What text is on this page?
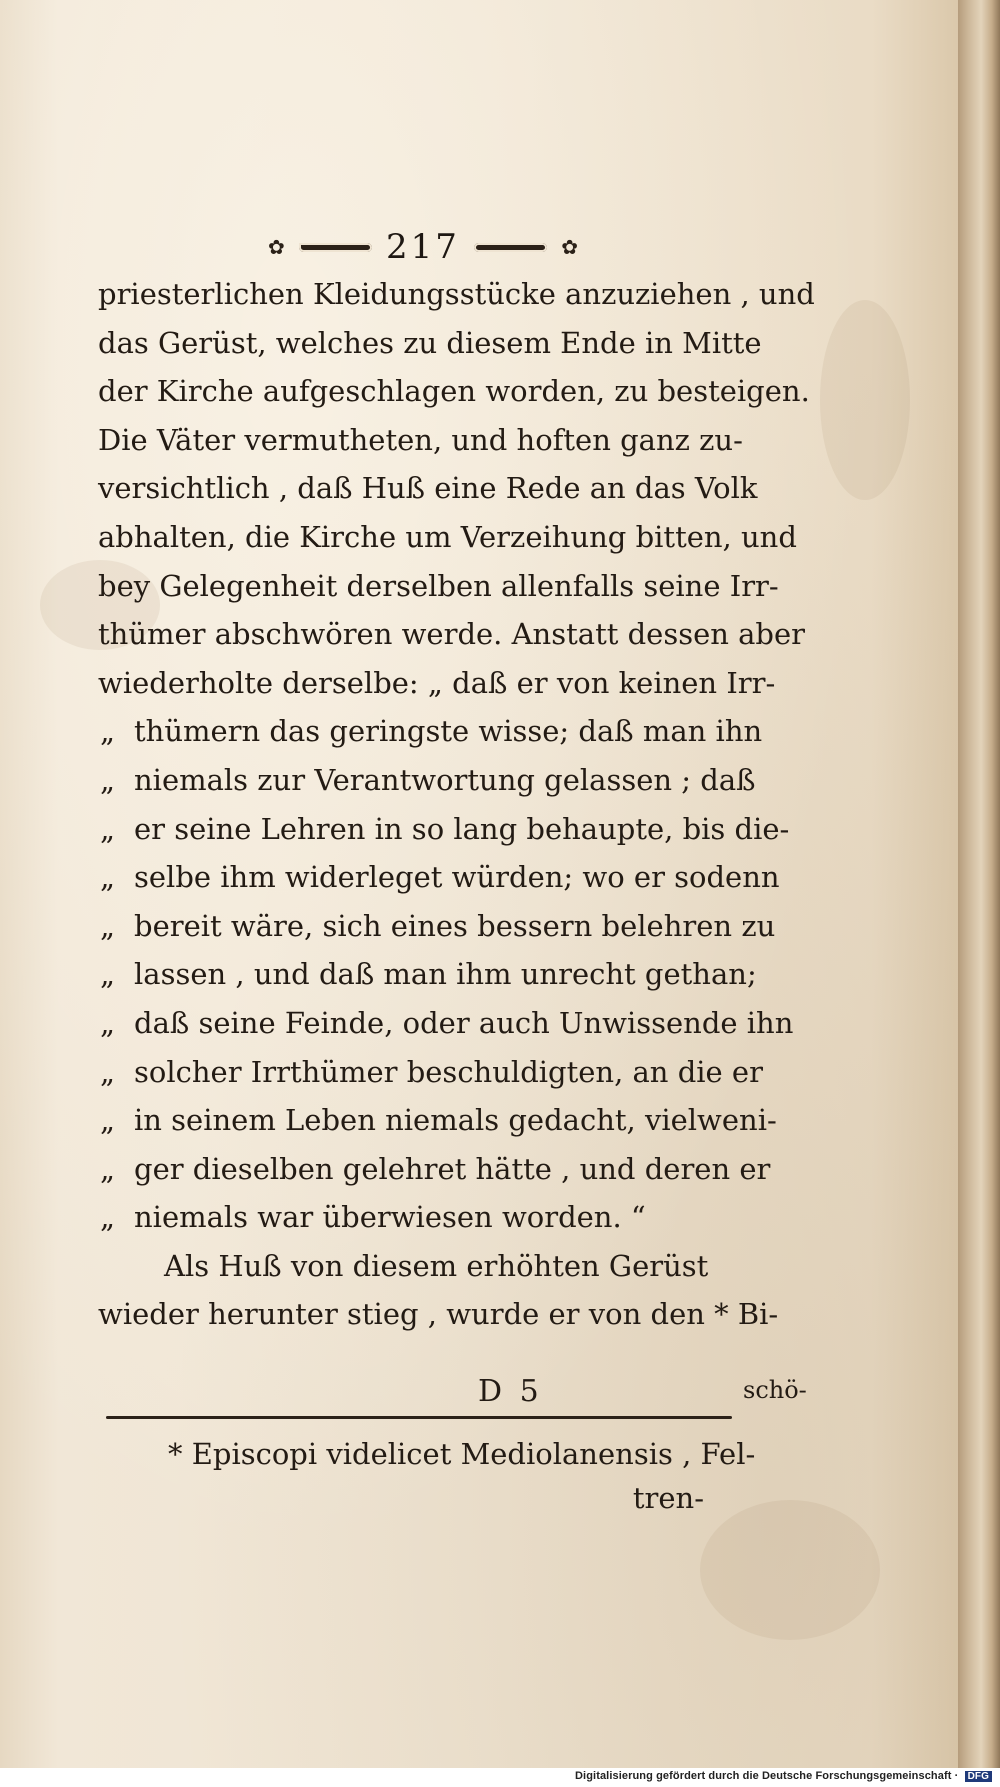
✿	217	✿
priesterlichen Kleidungsstücke anzuziehen , und
das Gerüst, welches zu diesem Ende in Mitte
der Kirche aufgeschlagen worden, zu besteigen.
Die Väter vermutheten, und hoften ganz zu-
versichtlich , daß Huß eine Rede an das Volk
abhalten, die Kirche um Verzeihung bitten, und
bey Gelegenheit derselben allenfalls seine Irr-
thümer abschwören werde. Anstatt dessen aber
wiederholte derselbe: „ daß er von keinen Irr-
„ thümern das geringste wisse; daß man ihn
„ niemals zur Verantwortung gelassen ; daß
„ er seine Lehren in so lang behaupte, bis die-
„ selbe ihm widerleget würden; wo er sodenn
„ bereit wäre, sich eines bessern belehren zu
„ lassen , und daß man ihm unrecht gethan;
„ daß seine Feinde, oder auch Unwissende ihn
„ solcher Irrthümer beschuldigten, an die er
„ in seinem Leben niemals gedacht, vielweni-
„ ger dieselben gelehret hätte , und deren er
„ niemals war überwiesen worden. “
Als Huß von diesem erhöhten Gerüst
wieder herunter stieg , wurde er von den * Bi-
D 5	schö-
* Episcopi videlicet Mediolanensis , Fel-
tren-
Digitalisierung gefördert durch die Deutsche Forschungsgemeinschaft · DFG
